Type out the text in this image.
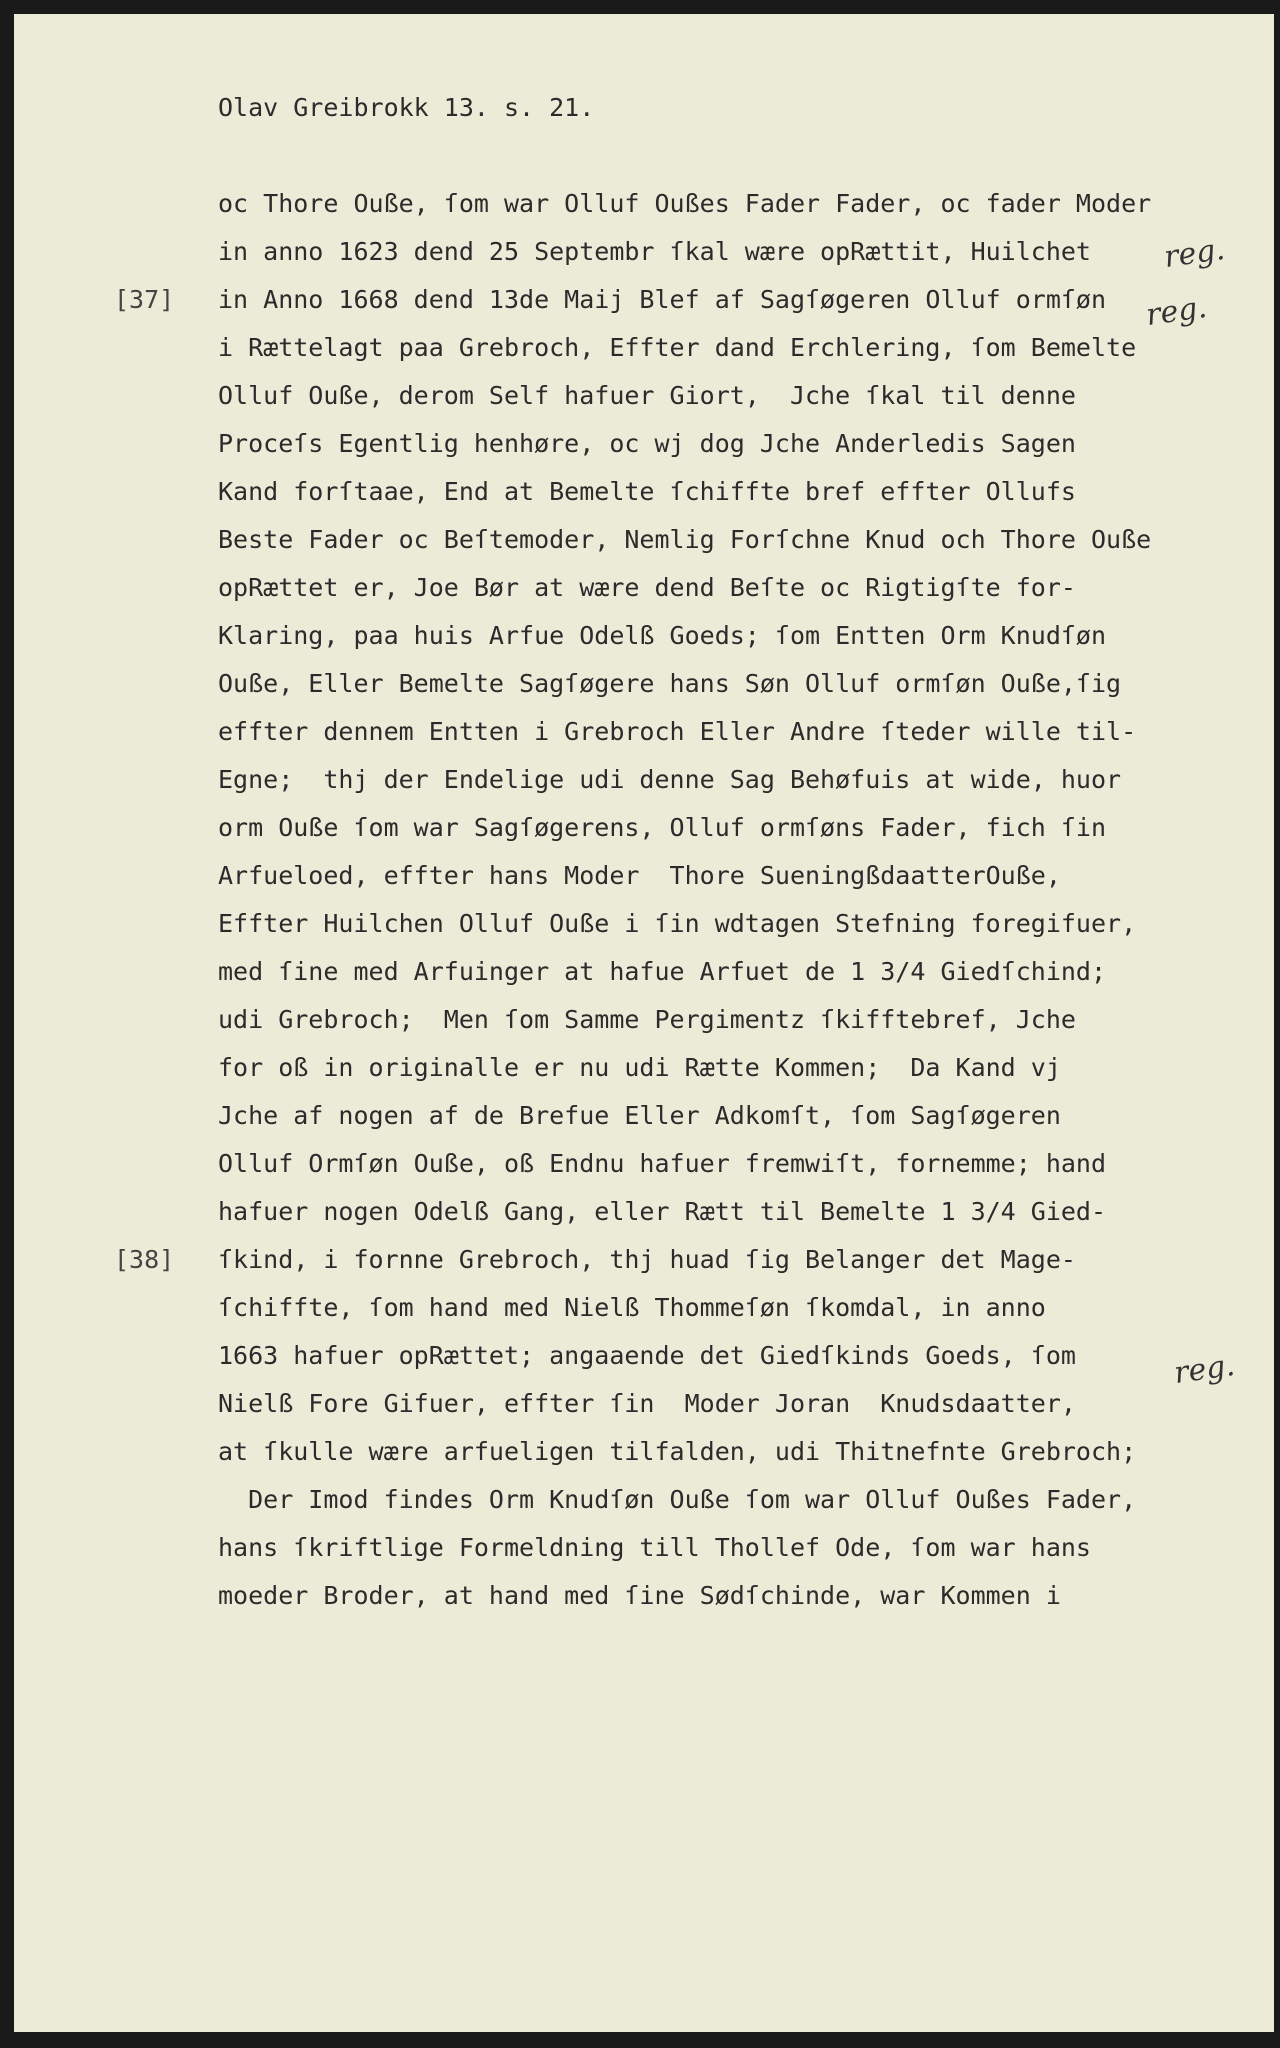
Olav Greibrokk 13. s. 21.
oc Thore Ouße, ſom war Olluf Oußes Fader Fader, oc fader Moder
in anno 1623 dend 25 Septembr ſkal wære opRættit, Huilchet
in Anno 1668 dend 13de Maij Blef af Sagſøgeren Olluf ormſøn
i Rættelagt paa Grebroch, Effter dand Erchlering, ſom Bemelte
Olluf Ouße, derom Self hafuer Giort,  Jche ſkal til denne
Proceſs Egentlig henhøre, oc wj dog Jche Anderledis Sagen
Kand forſtaae, End at Bemelte ſchiffte bref effter Ollufs
Beste Fader oc Beſtemoder, Nemlig Forſchne Knud och Thore Ouße
opRættet er, Joe Bør at wære dend Beſte oc Rigtigſte for-
Klaring, paa huis Arfue Odelß Goeds; ſom Entten Orm Knudſøn
Ouße, Eller Bemelte Sagſøgere hans Søn Olluf ormſøn Ouße,ſig
effter dennem Entten i Grebroch Eller Andre ſteder wille til-
Egne;  thj der Endelige udi denne Sag Behøfuis at wide, huor
orm Ouße ſom war Sagſøgerens, Olluf ormſøns Fader, fich ſin
Arfueloed, effter hans Moder  Thore SueningßdaatterOuße,
Effter Huilchen Olluf Ouße i ſin wdtagen Stefning foregifuer,
med ſine med Arfuinger at hafue Arfuet de 1 3/4 Giedſchind;
udi Grebroch;  Men ſom Samme Pergimentz ſkifftebref, Jche
for oß in originalle er nu udi Rætte Kommen;  Da Kand vj
Jche af nogen af de Brefue Eller Adkomſt, ſom Sagſøgeren
Olluf Ormſøn Ouße, oß Endnu hafuer fremwiſt, fornemme; hand
hafuer nogen Odelß Gang, eller Rætt til Bemelte 1 3/4 Gied-
ſkind, i fornne Grebroch, thj huad ſig Belanger det Mage-
ſchiffte, ſom hand med Nielß Thommeſøn ſkomdal, in anno
1663 hafuer opRættet; angaaende det Giedſkinds Goeds, ſom
Nielß Fore Gifuer, effter ſin  Moder Joran  Knudsdaatter,
at ſkulle wære arfueligen tilfalden, udi Thitnefnte Grebroch;
Der Imod findes Orm Knudſøn Ouße ſom war Olluf Oußes Fader,
hans ſkriftlige Formeldning till Thollef Ode, ſom war hans
moeder Broder, at hand med ſine Sødſchinde, war Kommen i
[37]
[38]
reg.
reg.
reg.
